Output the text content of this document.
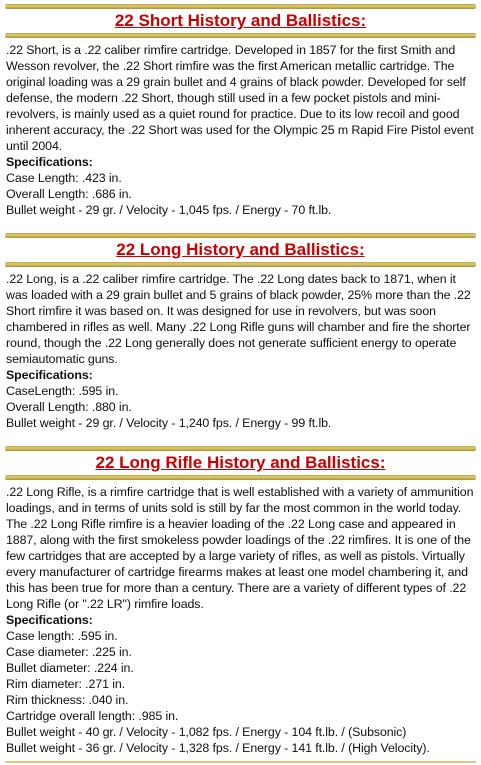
22 Short History and Ballistics:

.22 Short, is a .22 caliber rimfire cartridge. Developed in 1857 for the first Smith and Wesson revolver, the .22 Short rimfire was the first American metallic cartridge. The original loading was a 29 grain bullet and 4 grains of black powder. Developed for self defense, the modern .22 Short, though still used in a few pocket pistols and mini-revolvers, is mainly used as a quiet round for practice. Due to its low recoil and good inherent accuracy, the .22 Short was used for the Olympic 25 m Rapid Fire Pistol event until 2004.

Specifications:

Case Length: .423 in.

Overall Length: .686 in.

Bullet weight - 29 gr. / Velocity - 1,045 fps. / Energy - 70 ft.lb.

22 Long History and Ballistics:

.22 Long, is a .22 caliber rimfire cartridge. The .22 Long dates back to 1871, when it was loaded with a 29 grain bullet and 5 grains of black powder, 25% more than the .22 Short rimfire it was based on. It was designed for use in revolvers, but was soon chambered in rifles as well. Many .22 Long Rifle guns will chamber and fire the shorter round, though the .22 Long generally does not generate sufficient energy to operate semiautomatic guns.

Specifications:

CaseLength: .595 in.

Overall Length: .880 in.

Bullet weight - 29 gr. / Velocity - 1,240 fps. / Energy - 99 ft.lb.

22 Long Rifle History and Ballistics:

.22 Long Rifle, is a rimfire cartridge that is well established with a variety of ammunition loadings, and in terms of units sold is still by far the most common in the world today. The .22 Long Rifle rimfire is a heavier loading of the .22 Long case and appeared in 1887, along with the first smokeless powder loadings of the .22 rimfires. It is one of the few cartridges that are accepted by a large variety of rifles, as well as pistols. Virtually every manufacturer of cartridge firearms makes at least one model chambering it, and this has been true for more than a century. There are a variety of different types of .22 Long Rifle (or ".22 LR") rimfire loads.

Specifications:

Case length: .595 in.

Case diameter: .225 in.

Bullet diameter: .224 in.

Rim diameter: .271 in.

Rim thickness: .040 in.

Cartridge overall length: .985 in.

Bullet weight - 40 gr. / Velocity - 1,082 fps. / Energy - 104 ft.lb. / (Subsonic)

Bullet weight - 36 gr. / Velocity - 1,328 fps. / Energy - 141 ft.lb. / (High Velocity).
